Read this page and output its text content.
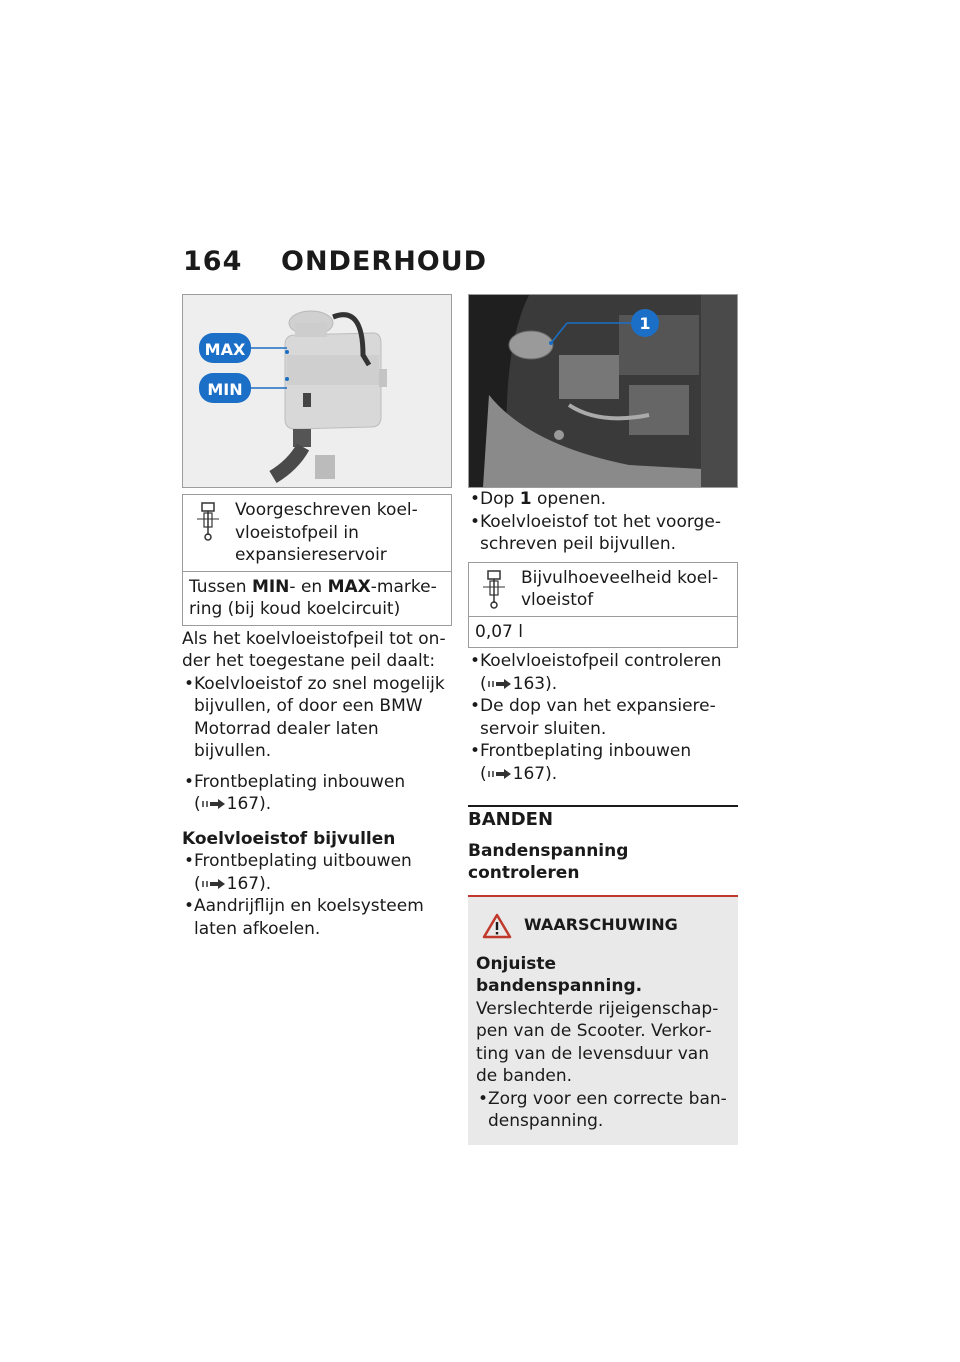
164 ONDERHOUD
MAX
MIN
Voorgeschreven koelvloeistofpeil in expansiereservoir
Tussen MIN- en MAX-markering (bij koud koelcircuit)

Als het koelvloeistofpeil tot onder het toegestane peil daalt:

• Koelvloeistof zo snel mogelijk bijvullen, of door een BMW Motorrad dealer laten bijvullen.

• Frontbeplating inbouwen

( 167).

Koelvloeistof bijvullen

• Frontbeplating uitbouwen

( 167).

• Aandrijflijn en koelsysteem laten afkoelen.

1

• Dop 1 openen.

• Koelvloeistof tot het voorgeschreven peil bijvullen.

Bijvulhoeveelheid koelvloeistof
0,07 l

• Koelvloeistofpeil controleren

( 163).

• De dop van het expansiereservoir sluiten.

• Frontbeplating inbouwen

( 167).

BANDEN

Bandenspanning controleren

WAARSCHUWING

Onjuiste bandenspanning.

Verslechterde rijeigenschappen van de Scooter. Verkorting van de levensduur van de banden.

• Zorg voor een correcte bandenspanning.
